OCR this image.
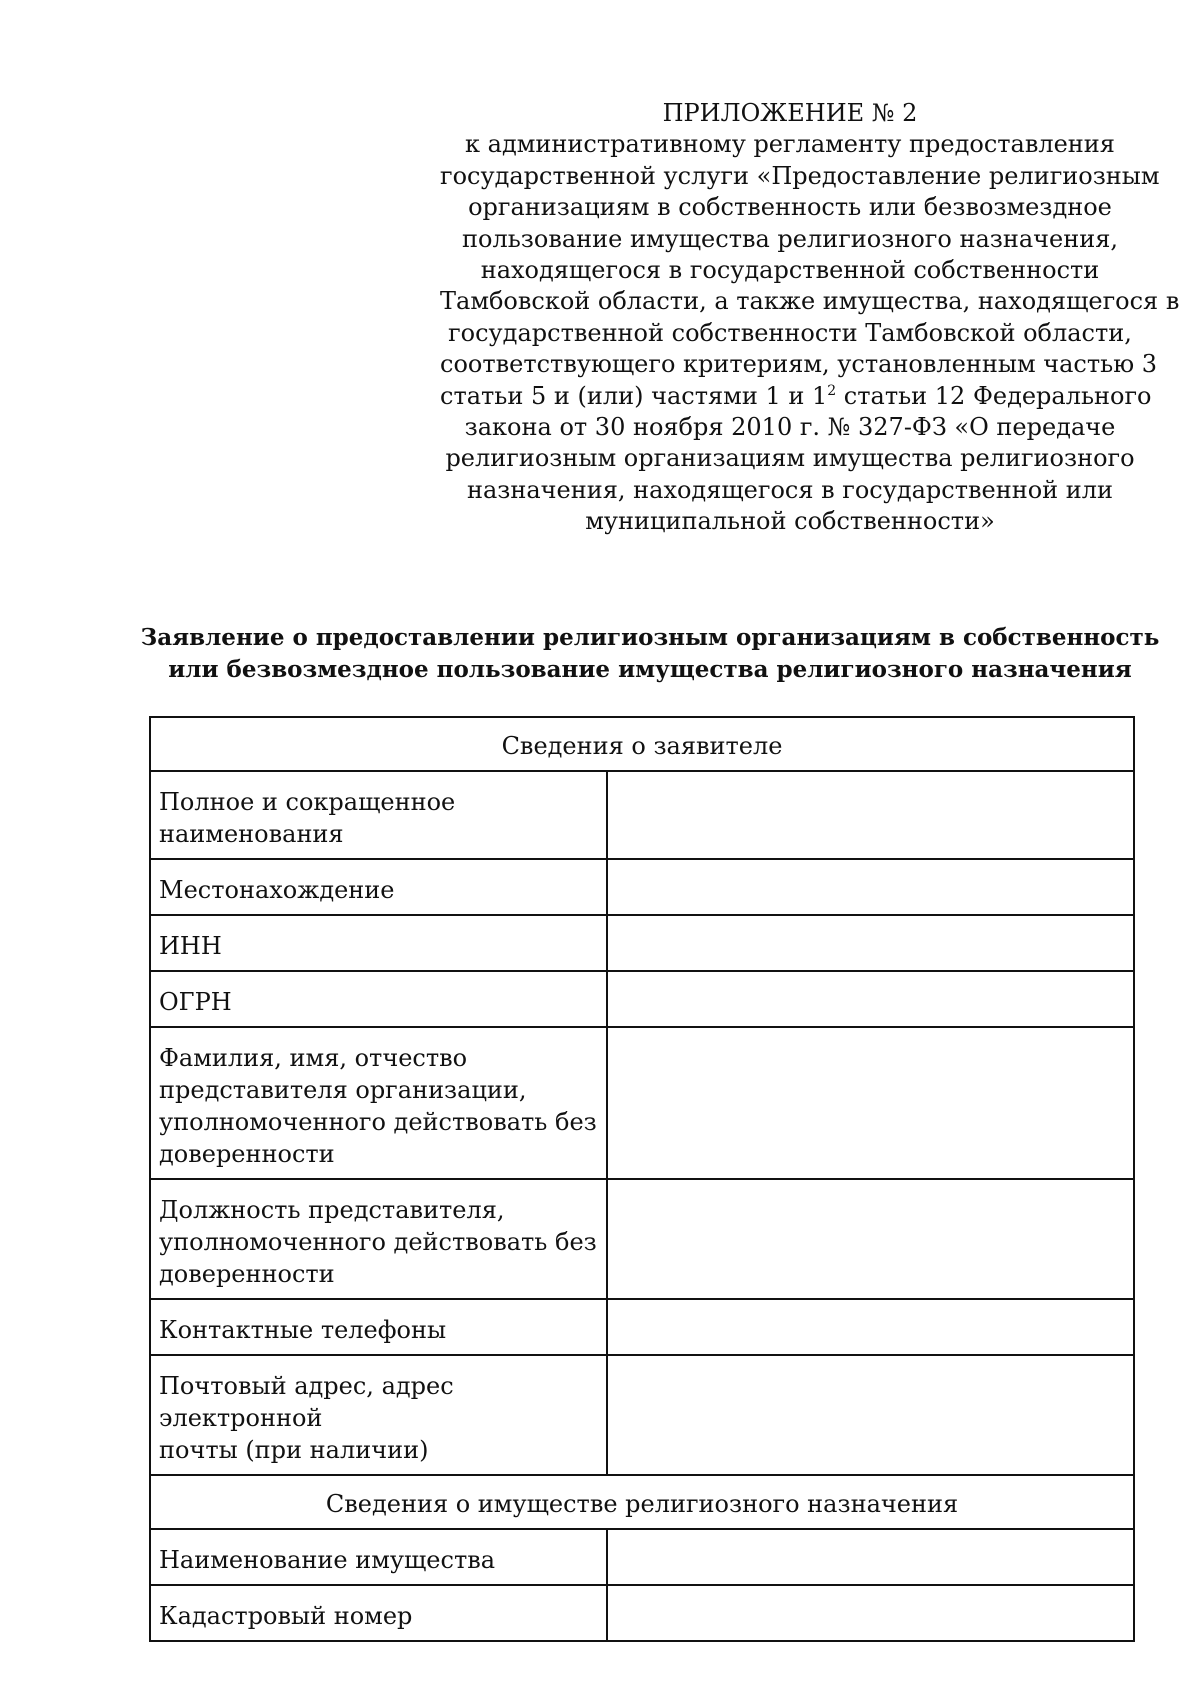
ПРИЛОЖЕНИЕ № 2
к административному регламенту предоставления
государственной услуги «Предоставление религиозным
организациям в собственность или безвозмездное
пользование имущества религиозного назначения,
находящегося в государственной собственности
Тамбовской области, а также имущества, находящегося в
государственной собственности Тамбовской области,
соответствующего критериям, установленным частью 3
статьи 5 и (или) частями 1 и $1^2$ статьи 12 Федерального
закона от 30 ноября 2010 г. № 327-ФЗ «О передаче
религиозным организациям имущества религиозного
назначения, находящегося в государственной или
муниципальной собственности»
Заявление о предоставлении религиозным организациям в собственность
или безвозмездное пользование имущества религиозного назначения
Сведения о заявителе	

Полное и сокращенное
наименования	

Местонахождение	

ИНН	

ОГРН	

Фамилия, имя, отчество
представителя организации,
уполномоченного действовать без
доверенности	

Должность представителя,
уполномоченного действовать без
доверенности	

Контактные телефоны	

Почтовый адрес, адрес электронной
почты (при наличии)	

Сведения о имуществе религиозного назначения	

Наименование имущества	

Кадастровый номер	
